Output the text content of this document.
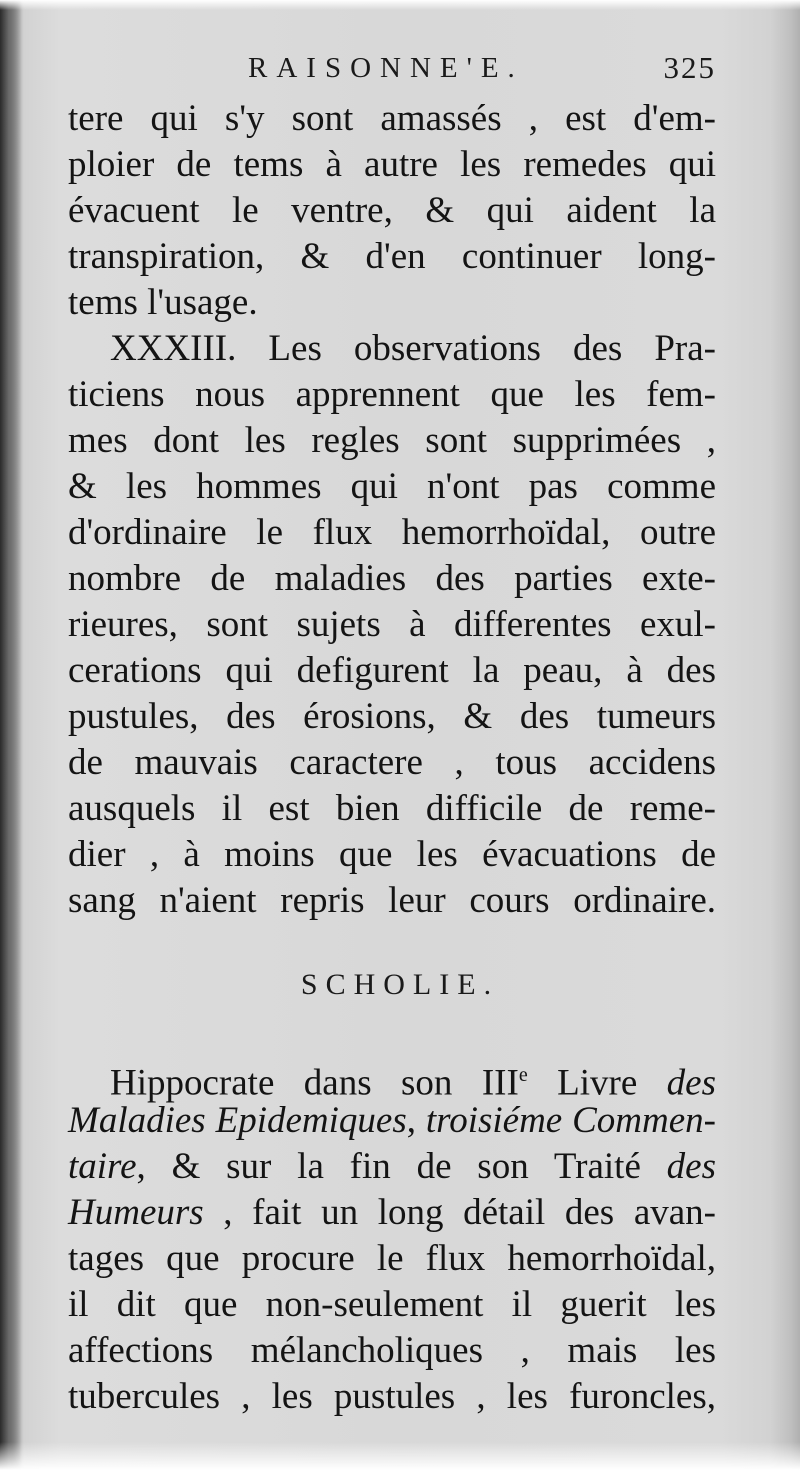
RAISONNE'E.	325
tere qui s'y sont amassés , est d'em-
ploier de tems à autre les remedes qui
évacuent le ventre, & qui aident la
transpiration, & d'en continuer long-
tems l'usage.
XXXIII. Les observations des Pra-
ticiens nous apprennent que les fem-
mes dont les regles sont supprimées ,
& les hommes qui n'ont pas comme
d'ordinaire le flux hemorrhoïdal, outre
nombre de maladies des parties exte-
rieures, sont sujets à differentes exul-
cerations qui defigurent la peau, à des
pustules, des érosions, & des tumeurs
de mauvais caractere , tous accidens
ausquels il est bien difficile de reme-
dier , à moins que les évacuations de
sang n'aient repris leur cours ordinaire.
SCHOLIE.
Hippocrate dans son IIIe Livre des
Maladies Epidemiques, troisiéme Commen-
taire, & sur la fin de son Traité des
Humeurs , fait un long détail des avan-
tages que procure le flux hemorrhoïdal,
il dit que non-seulement il guerit les
affections mélancholiques , mais les
tubercules , les pustules , les furoncles,
